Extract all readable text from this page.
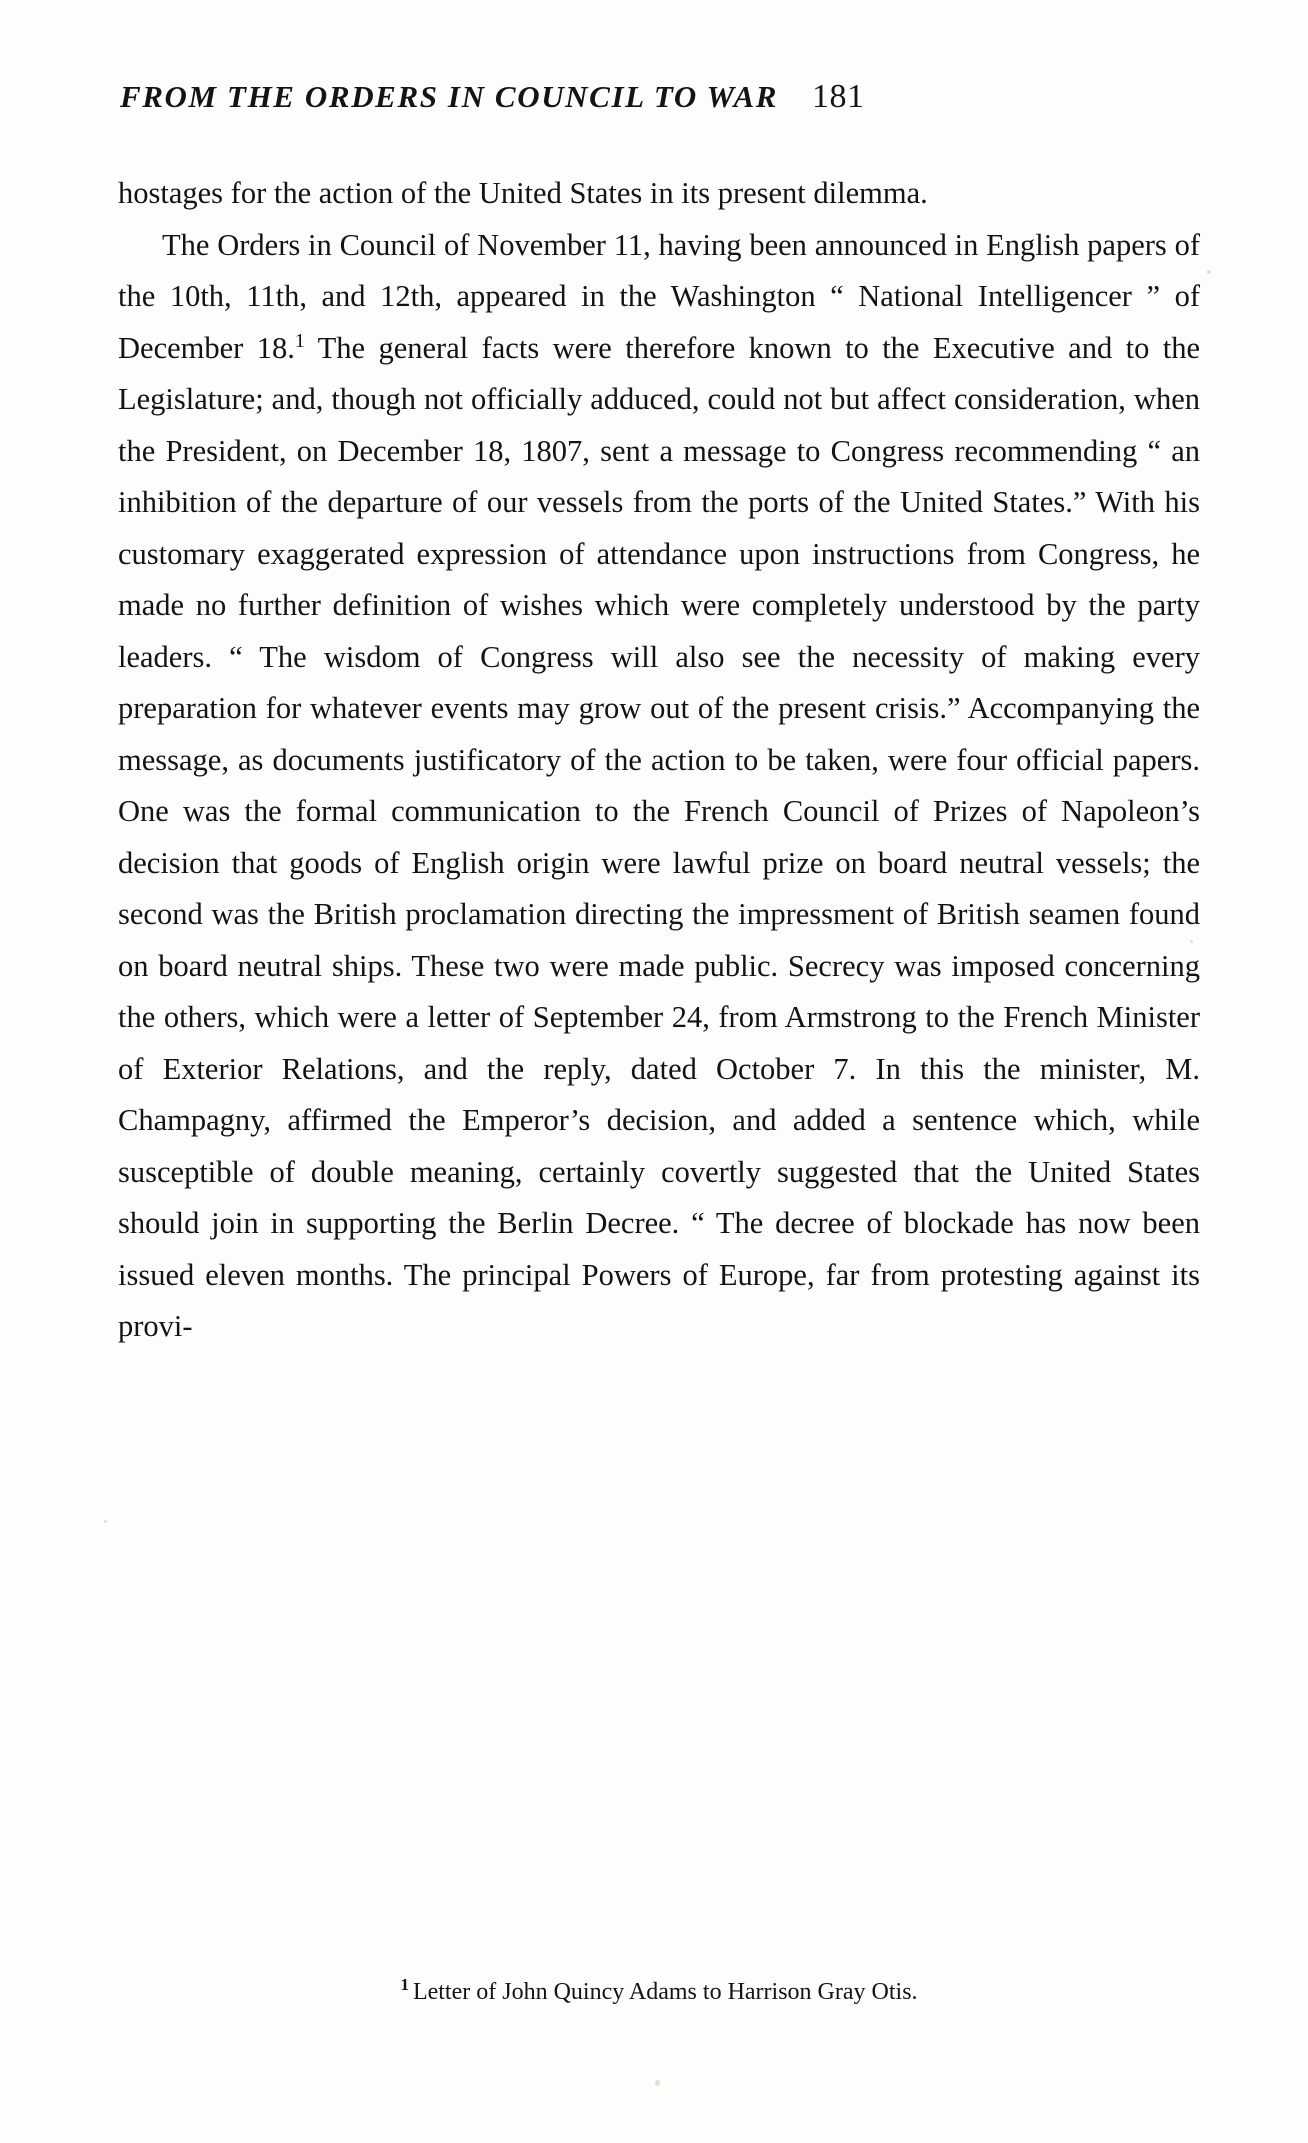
FROM THE ORDERS IN COUNCIL TO WAR 181

hostages for the action of the United States in its present dilemma.

The Orders in Council of November 11, having been announced in English papers of the 10th, 11th, and 12th, appeared in the Washington “ National Intelligencer ” of December 18.$^1$ The general facts were therefore known to the Executive and to the Legislature; and, though not officially adduced, could not but affect consideration, when the President, on December 18, 1807, sent a message to Congress recommending “ an inhibition of the departure of our vessels from the ports of the United States.” With his customary exaggerated expression of attendance upon instructions from Congress, he made no further definition of wishes which were completely understood by the party leaders. “ The wisdom of Congress will also see the necessity of making every preparation for whatever events may grow out of the present crisis.” Accompanying the message, as documents justificatory of the action to be taken, were four official papers. One was the formal communication to the French Council of Prizes of Napoleon’s decision that goods of English origin were lawful prize on board neutral vessels; the second was the British proclamation directing the impressment of British seamen found on board neutral ships. These two were made public. Secrecy was imposed concerning the others, which were a letter of September 24, from Armstrong to the French Minister of Exterior Relations, and the reply, dated October 7. In this the minister, M. Champagny, affirmed the Emperor’s decision, and added a sentence which, while susceptible of double meaning, certainly covertly suggested that the United States should join in supporting the Berlin Decree. “ The decree of blockade has now been issued eleven months. The principal Powers of Europe, far from protesting against its provi-

$^1$ Letter of John Quincy Adams to Harrison Gray Otis.
